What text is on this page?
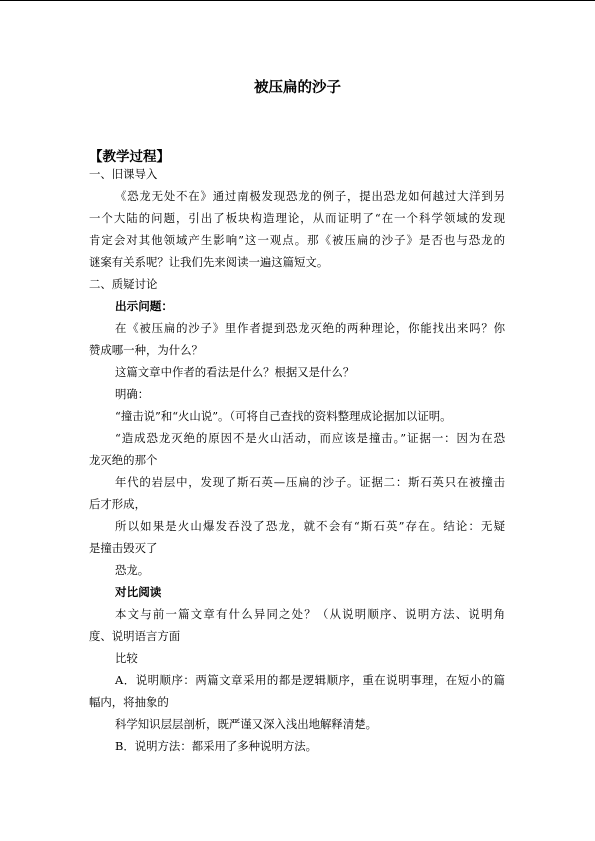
被压扁的沙子
【教学过程】
一、旧课导入
《恐龙无处不在》通过南极发现恐龙的例子，提出恐龙如何越过大洋到另
一个大陆的问题，引出了板块构造理论，从而证明了“在一个科学领域的发现
肯定会对其他领域产生影响”这一观点。那《被压扁的沙子》是否也与恐龙的
谜案有关系呢？让我们先来阅读一遍这篇短文。
二、质疑讨论
出示问题：
在《被压扁的沙子》里作者提到恐龙灭绝的两种理论，你能找出来吗？你
赞成哪一种，为什么？
这篇文章中作者的看法是什么？根据又是什么？
明确：
“撞击说”和“火山说”。（可将自己查找的资料整理成论据加以证明。
“造成恐龙灭绝的原因不是火山活动，而应该是撞击。”证据一：因为在恐
龙灭绝的那个
年代的岩层中，发现了斯石英—压扁的沙子。证据二：斯石英只在被撞击
后才形成，
所以如果是火山爆发吞没了恐龙，就不会有“斯石英”存在。结论：无疑
是撞击毁灭了
恐龙。
对比阅读
本文与前一篇文章有什么异同之处？（从说明顺序、说明方法、说明角
度、说明语言方面
比较
A．说明顺序：两篇文章采用的都是逻辑顺序，重在说明事理，在短小的篇
幅内，将抽象的
科学知识层层剖析，既严谨又深入浅出地解释清楚。
B．说明方法：都采用了多种说明方法。
